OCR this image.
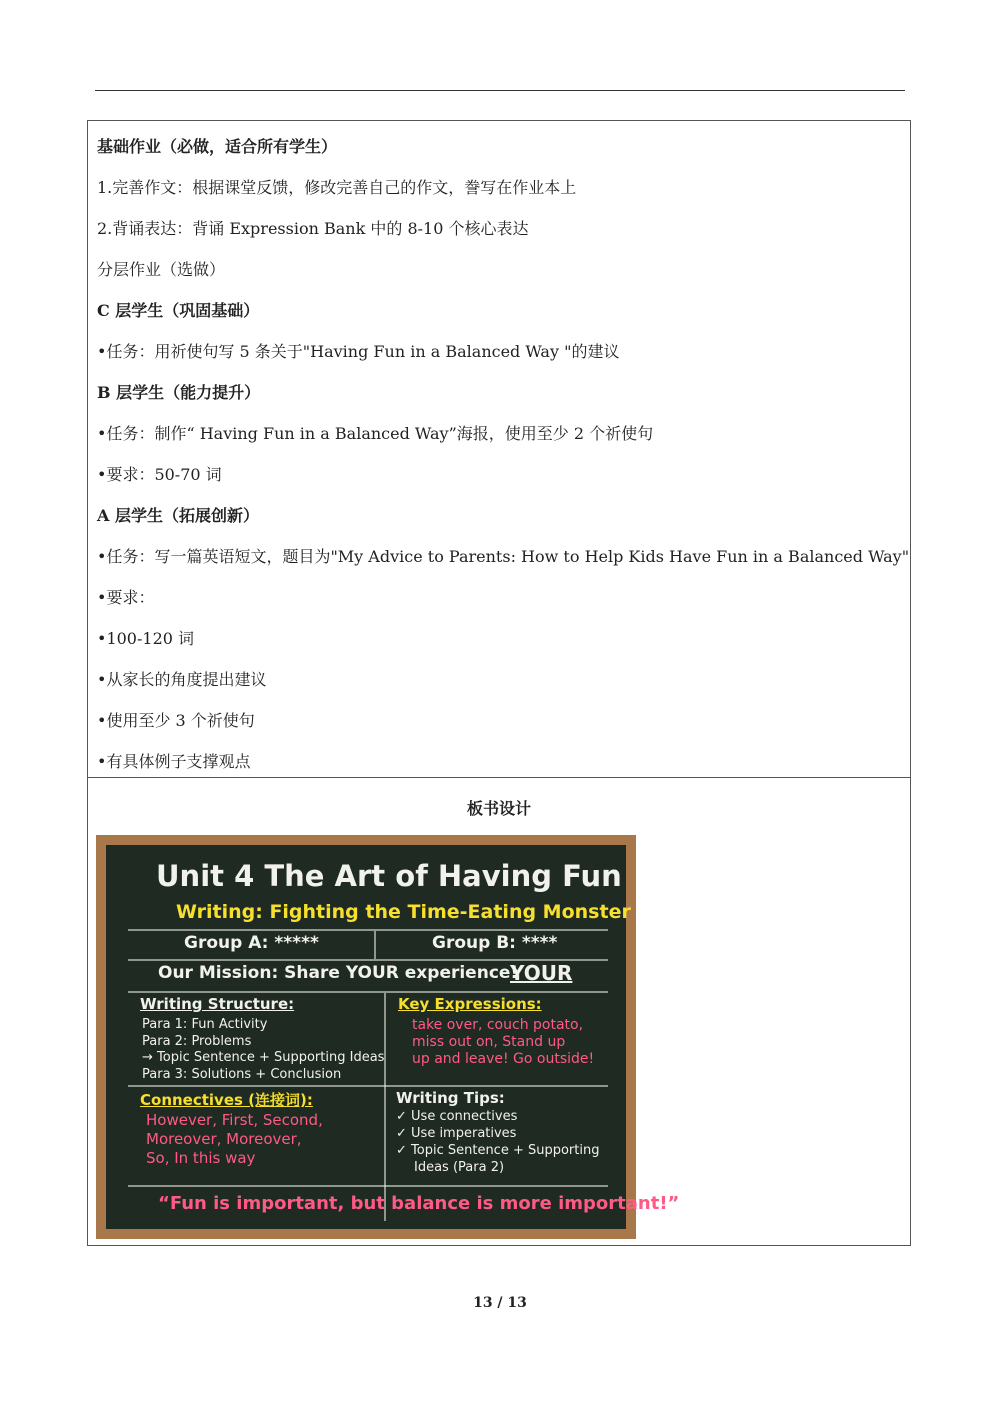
基础作业（必做，适合所有学生）
1.完善作文：根据课堂反馈，修改完善自己的作文，誊写在作业本上
2.背诵表达：背诵 Expression Bank 中的 8-10 个核心表达
分层作业（选做）
C 层学生（巩固基础）
•任务：用祈使句写 5 条关于"Having Fun in a Balanced Way "的建议
B 层学生（能力提升）
•任务：制作“ Having Fun in a Balanced Way”海报，使用至少 2 个祈使句
•要求：50-70 词
A 层学生（拓展创新）
•任务：写一篇英语短文，题目为"My Advice to Parents: How to Help Kids Have Fun in a Balanced Way"
•要求：
•100-120 词
•从家长的角度提出建议
•使用至少 3 个祈使句
•有具体例子支撑观点
板书设计
Unit 4 The Art of Having Fun
Writing: Fighting the Time-Eating Monster
Group A: *****	Group B: ****
Our Mission: Share YOUR experience!
YOUR
Writing Structure:
Para 1: Fun Activity
Para 2: Problems
→ Topic Sentence + Supporting Ideas
Para 3: Solutions + Conclusion
Key Expressions:
take over, couch potato,
miss out on, Stand up
up and leave! Go outside!
Connectives (连接词):
However, First, Second,
Moreover, Moreover,
So, In this way
Writing Tips:
✓ Use connectives
✓ Use imperatives
✓ Topic Sentence + Supporting
Ideas (Para 2)
“Fun is important, but balance is more important!”
13 / 13
